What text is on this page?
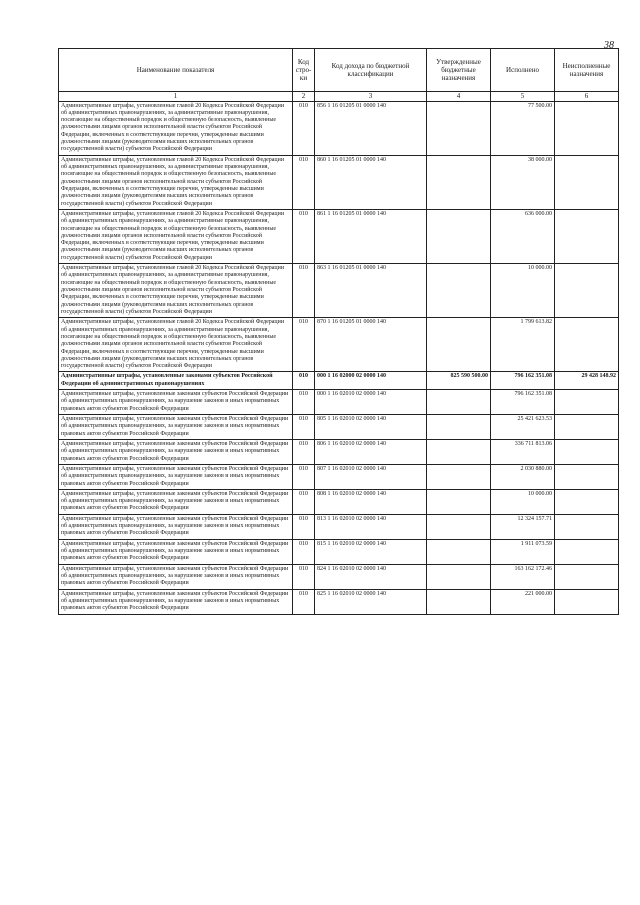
38
Наименование показателя	Код стро- ки	Код дохода по бюджетной классификации	Утвержденные бюджетные назначения	Исполнено	Неисполненные назначения
1	2	3	4	5	6
Административные штрафы, установленные главой 20 Кодекса Российской Федерации об административных правонарушениях, за административные правонарушения, посягающие на общественный порядок и общественную безопасность, выявленные должностными лицами органов исполнительной власти субъектов Российской Федерации, включенных в соответствующие перечни, утвержденные высшими должностными лицами (руководителями высших исполнительных органов государственной власти) субъектов Российской Федерации	010	856 1 16 01205 01 0000 140		77 500.00	
Административные штрафы, установленные главой 20 Кодекса Российской Федерации об административных правонарушениях, за административные правонарушения, посягающие на общественный порядок и общественную безопасность, выявленные должностными лицами органов исполнительной власти субъектов Российской Федерации, включенных в соответствующие перечни, утвержденные высшими должностными лицами (руководителями высших исполнительных органов государственной власти) субъектов Российской Федерации	010	860 1 16 01205 01 0000 140		38 000.00	
Административные штрафы, установленные главой 20 Кодекса Российской Федерации об административных правонарушениях, за административные правонарушения, посягающие на общественный порядок и общественную безопасность, выявленные должностными лицами органов исполнительной власти субъектов Российской Федерации, включенных в соответствующие перечни, утвержденные высшими должностными лицами (руководителями высших исполнительных органов государственной власти) субъектов Российской Федерации	010	861 1 16 01205 01 0000 140		636 000.00	
Административные штрафы, установленные главой 20 Кодекса Российской Федерации об административных правонарушениях, за административные правонарушения, посягающие на общественный порядок и общественную безопасность, выявленные должностными лицами органов исполнительной власти субъектов Российской Федерации, включенных в соответствующие перечни, утвержденные высшими должностными лицами (руководителями высших исполнительных органов государственной власти) субъектов Российской Федерации	010	863 1 16 01205 01 0000 140		10 000.00	
Административные штрафы, установленные главой 20 Кодекса Российской Федерации об административных правонарушениях, за административные правонарушения, посягающие на общественный порядок и общественную безопасность, выявленные должностными лицами органов исполнительной власти субъектов Российской Федерации, включенных в соответствующие перечни, утвержденные высшими должностными лицами (руководителями высших исполнительных органов государственной власти) субъектов Российской Федерации	010	870 1 16 01205 01 0000 140		1 799 613.82	
Административные штрафы, установленные законами субъектов Российской Федерации об административных правонарушениях	010	000 1 16 02000 02 0000 140	825 590 500.00	796 162 351.08	29 428 148.92
Административные штрафы, установленные законами субъектов Российской Федерации об административных правонарушениях, за нарушение законов и иных нормативных правовых актов субъектов Российской Федерации	010	000 1 16 02010 02 0000 140		796 162 351.08	
Административные штрафы, установленные законами субъектов Российской Федерации об административных правонарушениях, за нарушение законов и иных нормативных правовых актов субъектов Российской Федерации	010	805 1 16 02010 02 0000 140		25 421 623.53	
Административные штрафы, установленные законами субъектов Российской Федерации об административных правонарушениях, за нарушение законов и иных нормативных правовых актов субъектов Российской Федерации	010	806 1 16 02010 02 0000 140		336 711 813.06	
Административные штрафы, установленные законами субъектов Российской Федерации об административных правонарушениях, за нарушение законов и иных нормативных правовых актов субъектов Российской Федерации	010	807 1 16 02010 02 0000 140		2 030 880.00	
Административные штрафы, установленные законами субъектов Российской Федерации об административных правонарушениях, за нарушение законов и иных нормативных правовых актов субъектов Российской Федерации	010	808 1 16 02010 02 0000 140		10 000.00	
Административные штрафы, установленные законами субъектов Российской Федерации об административных правонарушениях, за нарушение законов и иных нормативных правовых актов субъектов Российской Федерации	010	813 1 16 02010 02 0000 140		12 324 157.71	
Административные штрафы, установленные законами субъектов Российской Федерации об административных правонарушениях, за нарушение законов и иных нормативных правовых актов субъектов Российской Федерации	010	815 1 16 02010 02 0000 140		1 911 073.59	
Административные штрафы, установленные законами субъектов Российской Федерации об административных правонарушениях, за нарушение законов и иных нормативных правовых актов субъектов Российской Федерации	010	824 1 16 02010 02 0000 140		163 162 172.46	
Административные штрафы, установленные законами субъектов Российской Федерации об административных правонарушениях, за нарушение законов и иных нормативных правовых актов субъектов Российской Федерации	010	825 1 16 02010 02 0000 140		221 000.00	
